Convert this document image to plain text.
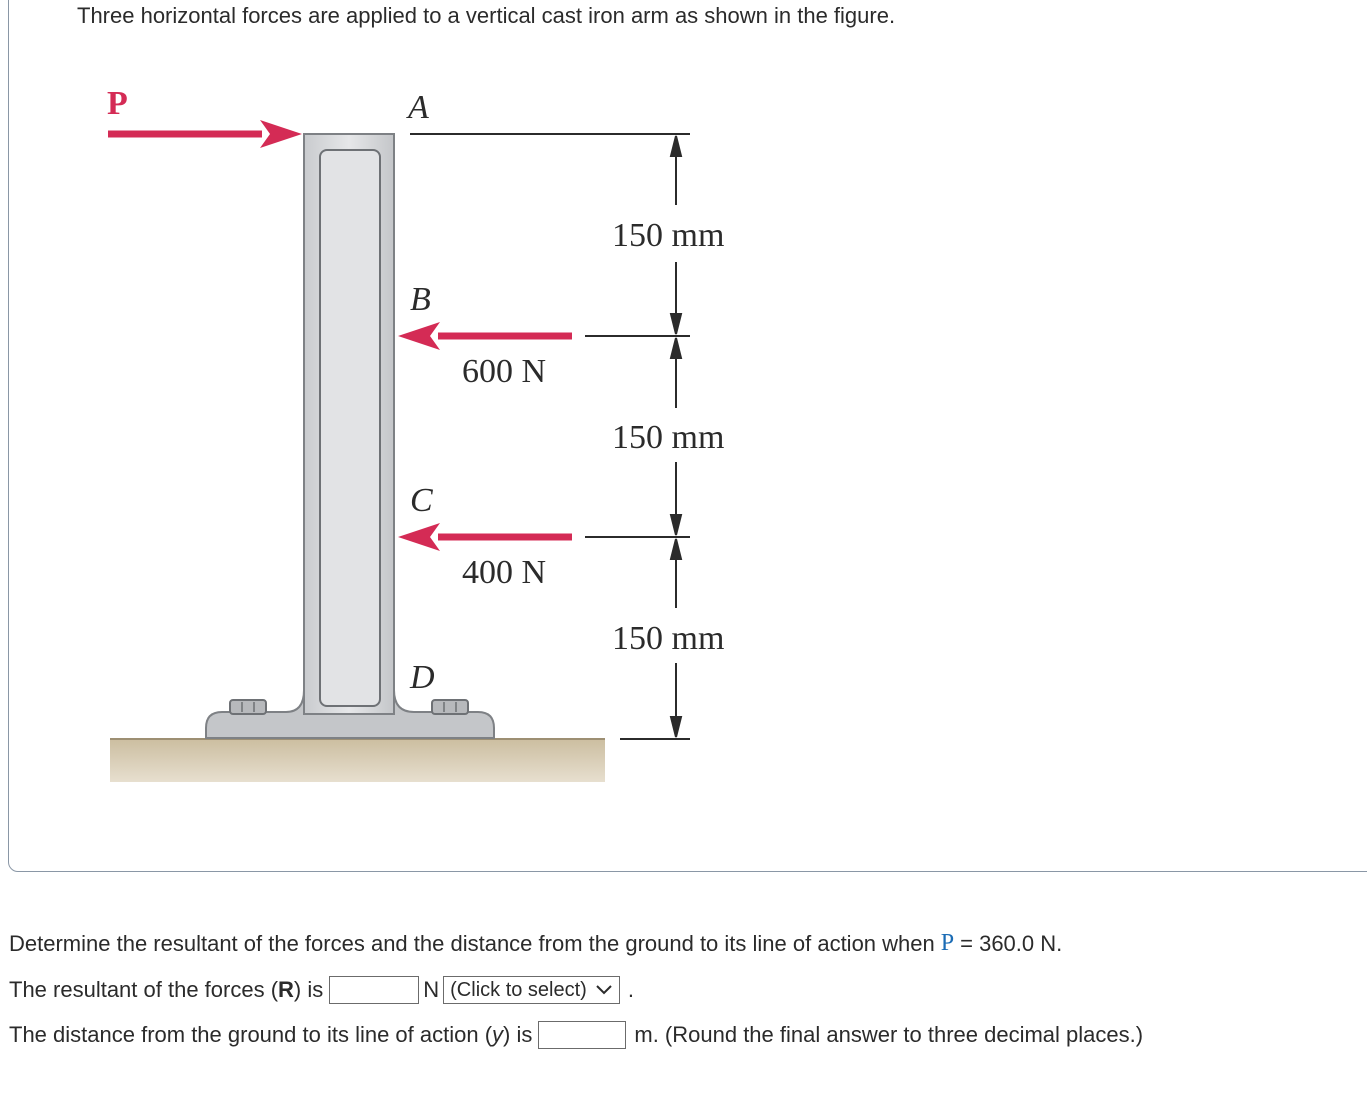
Three horizontal forces are applied to a vertical cast iron arm as shown in the figure.
P	A
B
C
D
600 N
400 N
150 mm
150 mm
150 mm
Determine the resultant of the forces and the distance from the ground to its line of action when P = 360.0 N.
The resultant of the forces ( R ) is	N (Click to select) .
The distance from the ground to its line of action ( y ) is	m. (Round the final answer to three decimal places.)
